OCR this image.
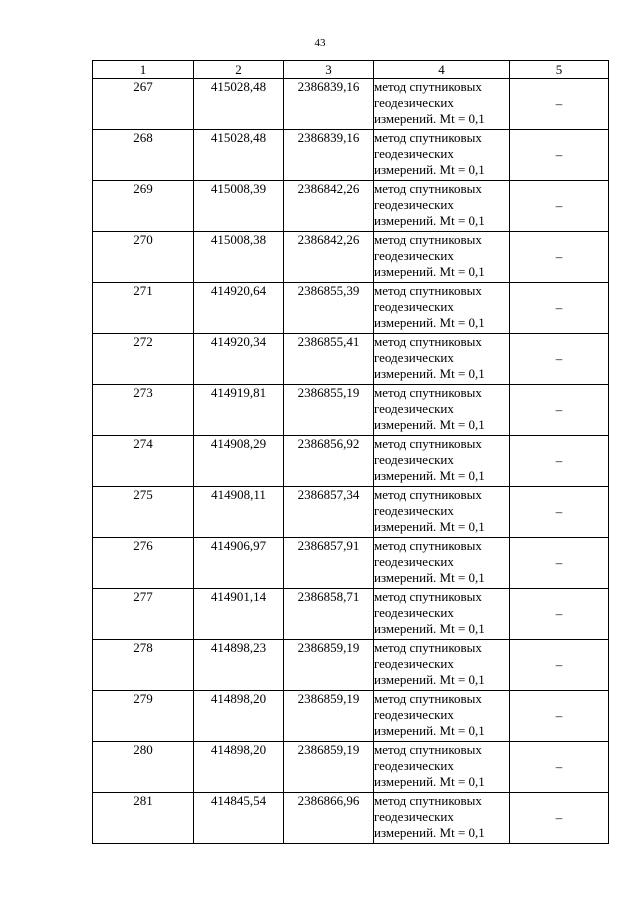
43
1	2	3	4	5
267	415028,48	2386839,16	метод спутниковых
геодезических
измерений. Mt = 0,1	–
268	415028,48	2386839,16	метод спутниковых
геодезических
измерений. Mt = 0,1	–
269	415008,39	2386842,26	метод спутниковых
геодезических
измерений. Mt = 0,1	–
270	415008,38	2386842,26	метод спутниковых
геодезических
измерений. Mt = 0,1	–
271	414920,64	2386855,39	метод спутниковых
геодезических
измерений. Mt = 0,1	–
272	414920,34	2386855,41	метод спутниковых
геодезических
измерений. Mt = 0,1	–
273	414919,81	2386855,19	метод спутниковых
геодезических
измерений. Mt = 0,1	–
274	414908,29	2386856,92	метод спутниковых
геодезических
измерений. Mt = 0,1	–
275	414908,11	2386857,34	метод спутниковых
геодезических
измерений. Mt = 0,1	–
276	414906,97	2386857,91	метод спутниковых
геодезических
измерений. Mt = 0,1	–
277	414901,14	2386858,71	метод спутниковых
геодезических
измерений. Mt = 0,1	–
278	414898,23	2386859,19	метод спутниковых
геодезических
измерений. Mt = 0,1	–
279	414898,20	2386859,19	метод спутниковых
геодезических
измерений. Mt = 0,1	–
280	414898,20	2386859,19	метод спутниковых
геодезических
измерений. Mt = 0,1	–
281	414845,54	2386866,96	метод спутниковых
геодезических
измерений. Mt = 0,1	–
